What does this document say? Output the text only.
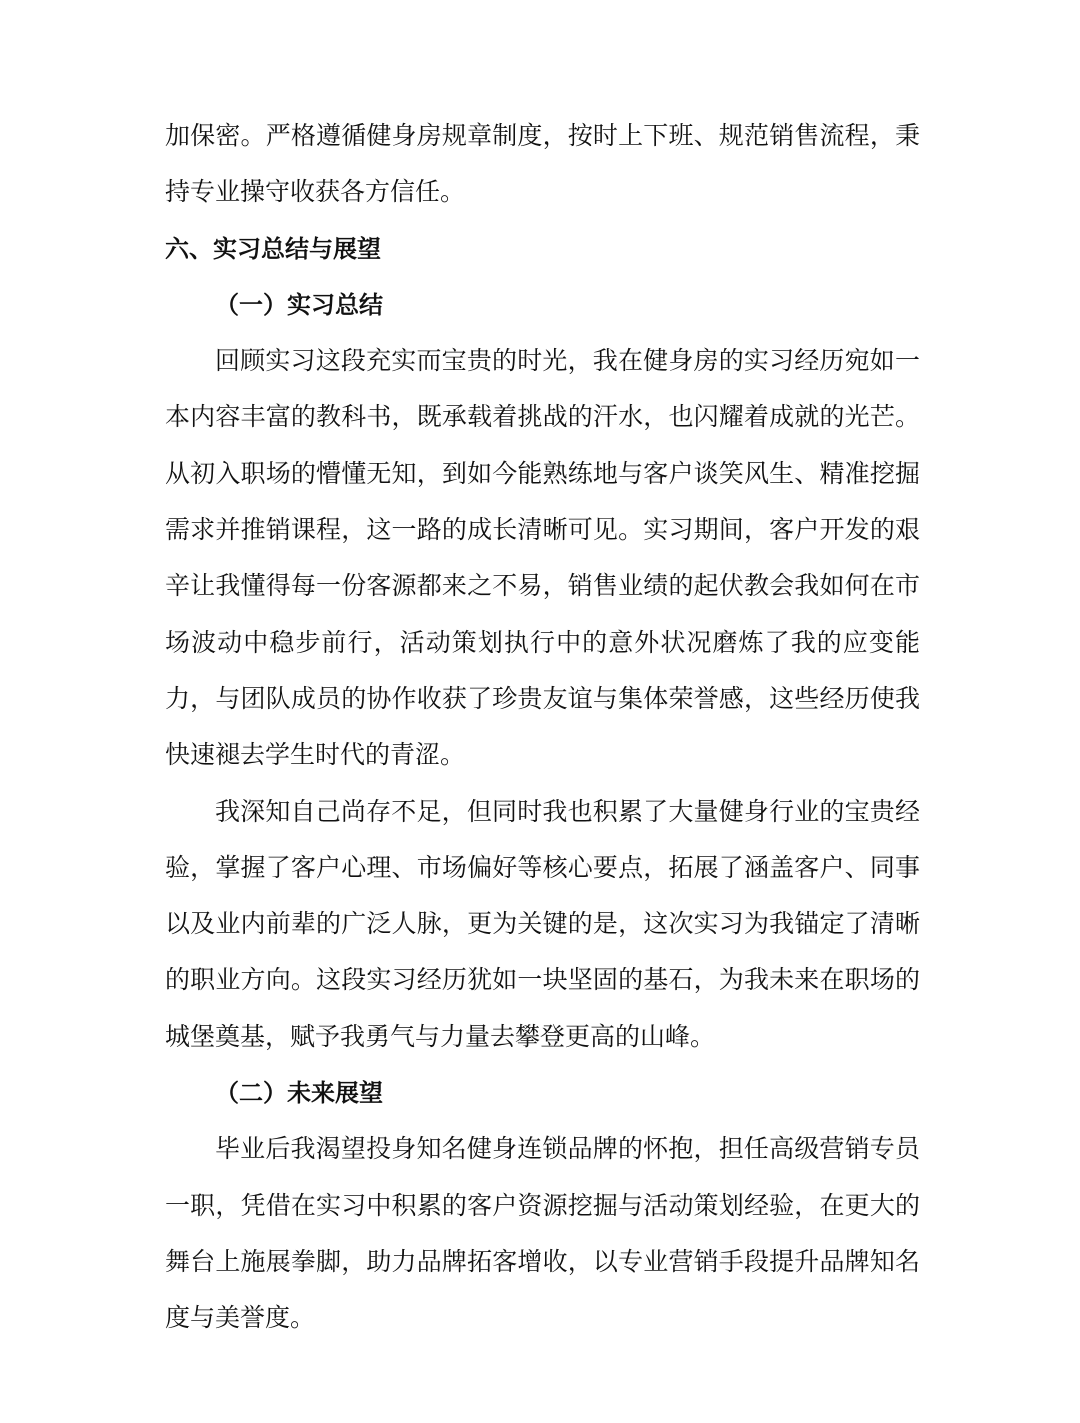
加保密。严格遵循健身房规章制度，按时上下班、规范销售流程，秉持专业操守收获各方信任。

六、实习总结与展望
（一）实习总结

回顾实习这段充实而宝贵的时光，我在健身房的实习经历宛如一本内容丰富的教科书，既承载着挑战的汗水，也闪耀着成就的光芒。从初入职场的懵懂无知，到如今能熟练地与客户谈笑风生、精准挖掘需求并推销课程，这一路的成长清晰可见。实习期间，客户开发的艰辛让我懂得每一份客源都来之不易，销售业绩的起伏教会我如何在市场波动中稳步前行，活动策划执行中的意外状况磨炼了我的应变能力，与团队成员的协作收获了珍贵友谊与集体荣誉感，这些经历使我快速褪去学生时代的青涩。

我深知自己尚存不足，但同时我也积累了大量健身行业的宝贵经验，掌握了客户心理、市场偏好等核心要点，拓展了涵盖客户、同事以及业内前辈的广泛人脉，更为关键的是，这次实习为我锚定了清晰的职业方向。这段实习经历犹如一块坚固的基石，为我未来在职场的城堡奠基，赋予我勇气与力量去攀登更高的山峰。

（二）未来展望

毕业后我渴望投身知名健身连锁品牌的怀抱，担任高级营销专员一职，凭借在实习中积累的客户资源挖掘与活动策划经验，在更大的舞台上施展拳脚，助力品牌拓客增收，以专业营销手段提升品牌知名度与美誉度。
